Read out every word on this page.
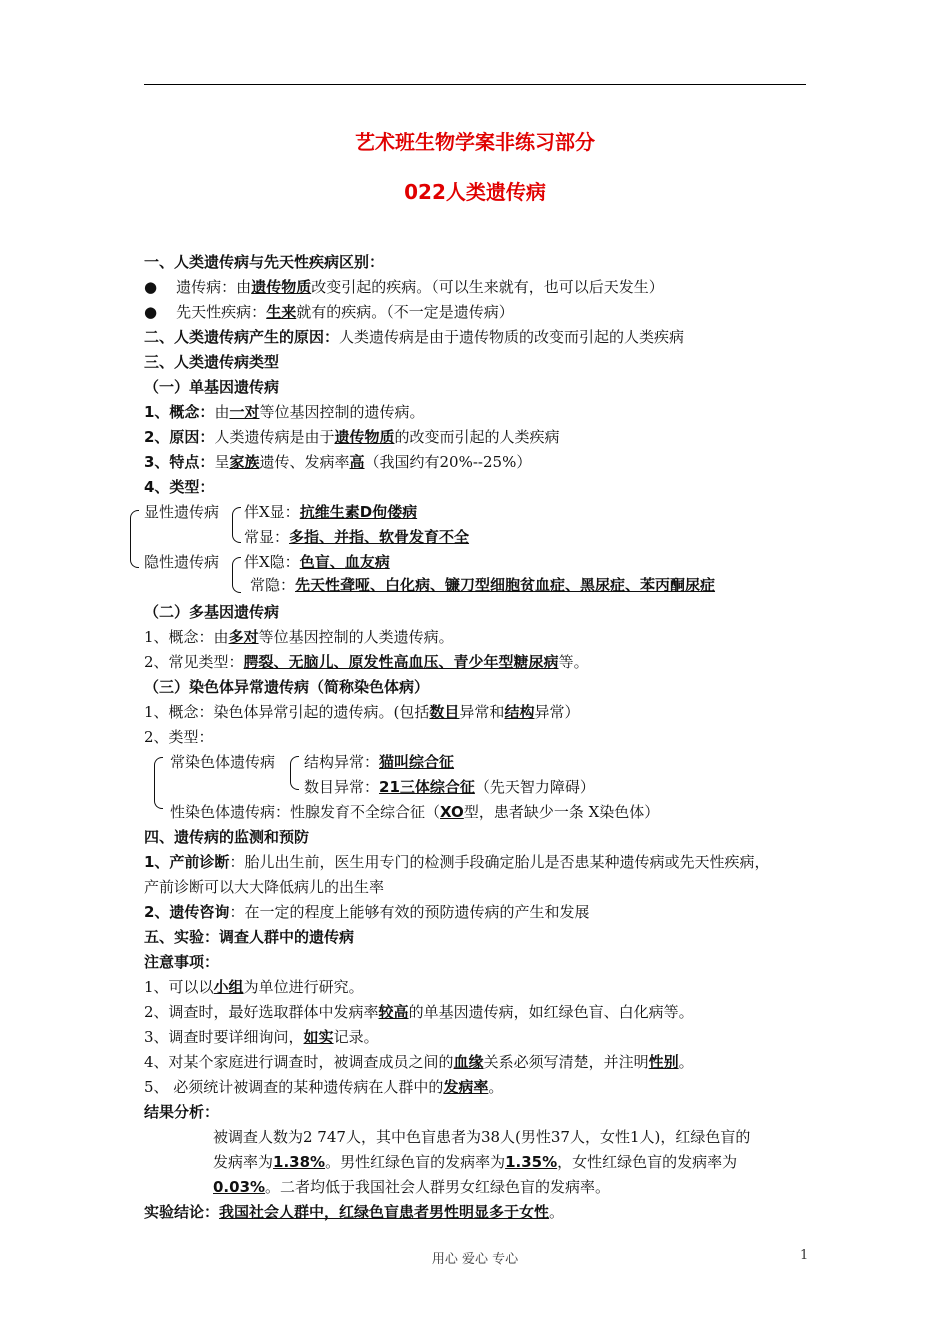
艺术班生物学案非练习部分
022人类遗传病
一、人类遗传病与先天性疾病区别：
● 遗传病：由遗传物质改变引起的疾病。（可以生来就有，也可以后天发生）
● 先天性疾病：生来就有的疾病。（不一定是遗传病）
二、人类遗传病产生的原因：人类遗传病是由于遗传物质的改变而引起的人类疾病
三、人类遗传病类型
（一）单基因遗传病
1、概念：由一对等位基因控制的遗传病。
2、原因：人类遗传病是由于遗传物质的改变而引起的人类疾病
3、特点：呈家族遗传、发病率高（我国约有20%--25%）
4、类型：
显性遗传病 伴X显：抗维生素D佝偻病
常显：多指、并指、软骨发育不全
隐性遗传病 伴X隐：色盲、血友病
常隐：先天性聋哑、白化病、镰刀型细胞贫血症、黑尿症、苯丙酮尿症
（二）多基因遗传病
1、概念：由多对等位基因控制的人类遗传病。
2、常见类型：腭裂、无脑儿、原发性高血压、青少年型糖尿病等。
（三）染色体异常遗传病（简称染色体病）
1、概念：染色体异常引起的遗传病。(包括数目异常和结构异常）
2、类型：
常染色体遗传病 结构异常：猫叫综合征
数目异常：21三体综合征（先天智力障碍）
性染色体遗传病：性腺发育不全综合征（XO型，患者缺少一条 X染色体）
四、遗传病的监测和预防
1、产前诊断：胎儿出生前，医生用专门的检测手段确定胎儿是否患某种遗传病或先天性疾病，
产前诊断可以大大降低病儿的出生率
2、遗传咨询：在一定的程度上能够有效的预防遗传病的产生和发展
五、实验：调查人群中的遗传病
注意事项：
1、可以以小组为单位进行研究。
2、调查时，最好选取群体中发病率较高的单基因遗传病，如红绿色盲、白化病等。
3、调查时要详细询问，如实记录。
4、对某个家庭进行调查时，被调查成员之间的血缘关系必须写清楚，并注明性别。
5、 必须统计被调查的某种遗传病在人群中的发病率。
结果分析：
被调查人数为2 747人，其中色盲患者为38人(男性37人，女性1人)，红绿色盲的
发病率为1.38%。男性红绿色盲的发病率为1.35%，女性红绿色盲的发病率为
0.03%。二者均低于我国社会人群男女红绿色盲的发病率。
实验结论：我国社会人群中，红绿色盲患者男性明显多于女性。
用心 爱心 专心	1
